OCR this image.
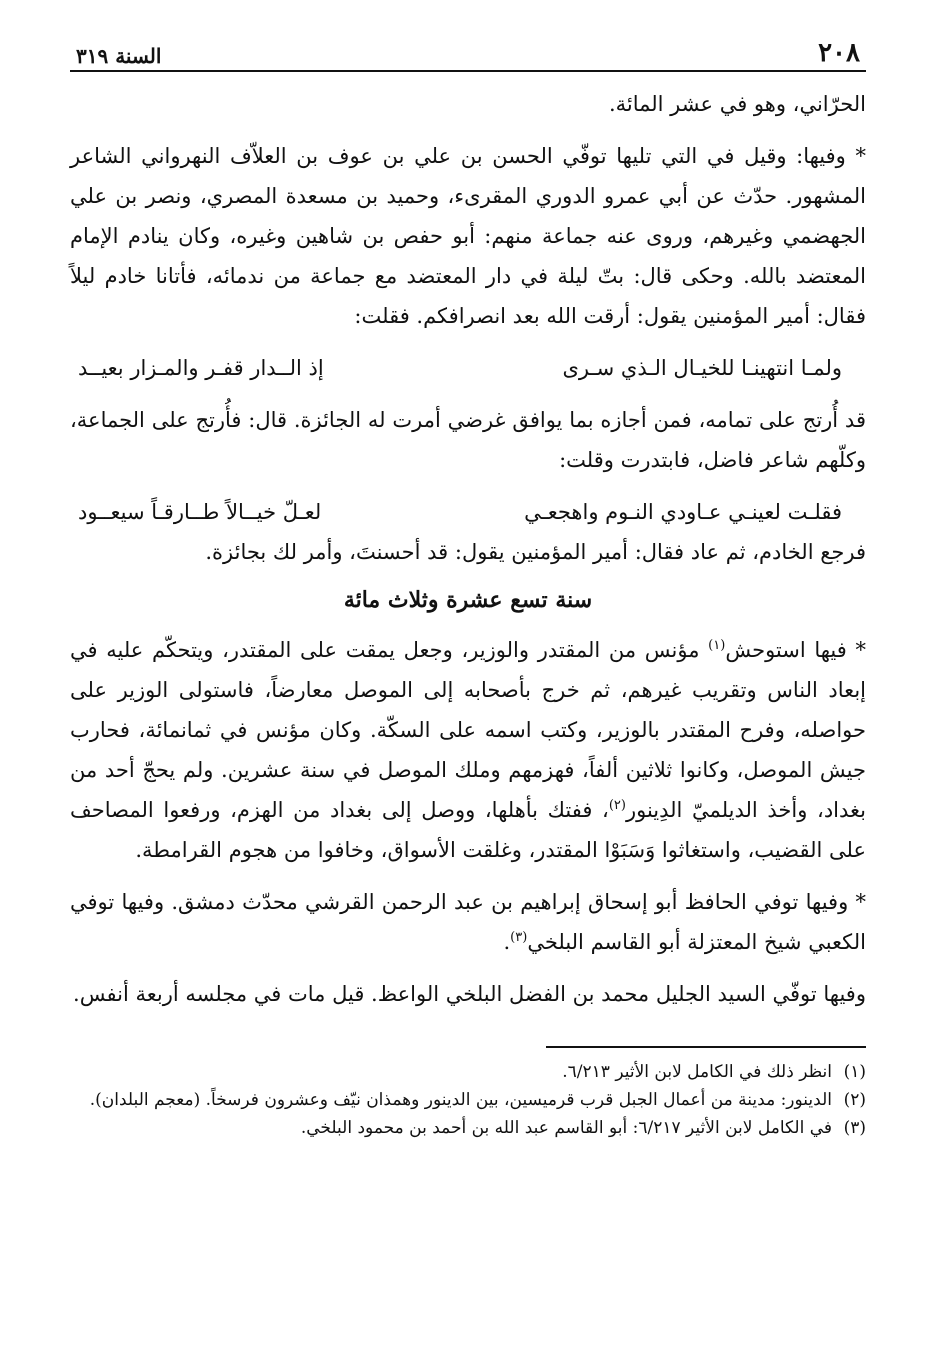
٢٠٨
السنة ٣١٩

الحرّاني، وهو في عشر المائة.

* وفيها: وقيل في التي تليها توفّي الحسن بن علي بن عوف بن العلاّف النهرواني الشاعر المشهور. حدّث عن أبي عمرو الدوري المقرىء، وحميد بن مسعدة المصري، ونصر بن علي الجهضمي وغيرهم، وروى عنه جماعة منهم: أبو حفص بن شاهين وغيره، وكان ينادم الإمام المعتضد بالله. وحكى قال: بتّ ليلة في دار المعتضد مع جماعة من ندمائه، فأتانا خادم ليلاً فقال: أمير المؤمنين يقول: أرقت الله بعد انصرافكم. فقلت:

ولمـا انتهينـا للخيـال الـذي سـرى
إذ الــدار قفـر والمـزار بعيــد

قد أُرتج على تمامه، فمن أجازه بما يوافق غرضي أمرت له الجائزة. قال: فأُرتج على الجماعة، وكلّهم شاعر فاضل، فابتدرت وقلت:

فقلـت لعينـي عـاودي النـوم واهجعـي
لعـلّ خيــالاً طــارقـاً سيعــود

فرجع الخادم، ثم عاد فقال: أمير المؤمنين يقول: قد أحسنتَ، وأمر لك بجائزة.

سنة تسع عشرة وثلاث مائة

* فيها استوحش$^{(١)}$ مؤنس من المقتدر والوزير، وجعل يمقت على المقتدر، ويتحكّم عليه في إبعاد الناس وتقريب غيرهم، ثم خرج بأصحابه إلى الموصل معارضاً، فاستولى الوزير على حواصله، وفرح المقتدر بالوزير، وكتب اسمه على السكّة. وكان مؤنس في ثمانمائة، فحارب جيش الموصل، وكانوا ثلاثين ألفاً، فهزمهم وملك الموصل في سنة عشرين. ولم يحجّ أحد من بغداد، وأخذ الديلميّ الدِينور$^{(٢)}$، ففتك بأهلها، ووصل إلى بغداد من الهزم، ورفعوا المصاحف على القضيب، واستغاثوا وَسَبَوْا المقتدر، وغلقت الأسواق، وخافوا من هجوم القرامطة.

* وفيها توفي الحافظ أبو إسحاق إبراهيم بن عبد الرحمن القرشي محدّث دمشق. وفيها توفي الكعبي شيخ المعتزلة أبو القاسم البلخي$^{(٣)}$.

وفيها توفّي السيد الجليل محمد بن الفضل البلخي الواعظ. قيل مات في مجلسه أربعة أنفس.

(١)
انظر ذلك في الكامل لابن الأثير ٦/٢١٣.
(٢)
الدينور: مدينة من أعمال الجبل قرب قرميسين، بين الدينور وهمذان نيّف وعشرون فرسخاً. (معجم البلدان).
(٣)
في الكامل لابن الأثير ٦/٢١٧: أبو القاسم عبد الله بن أحمد بن محمود البلخي.
